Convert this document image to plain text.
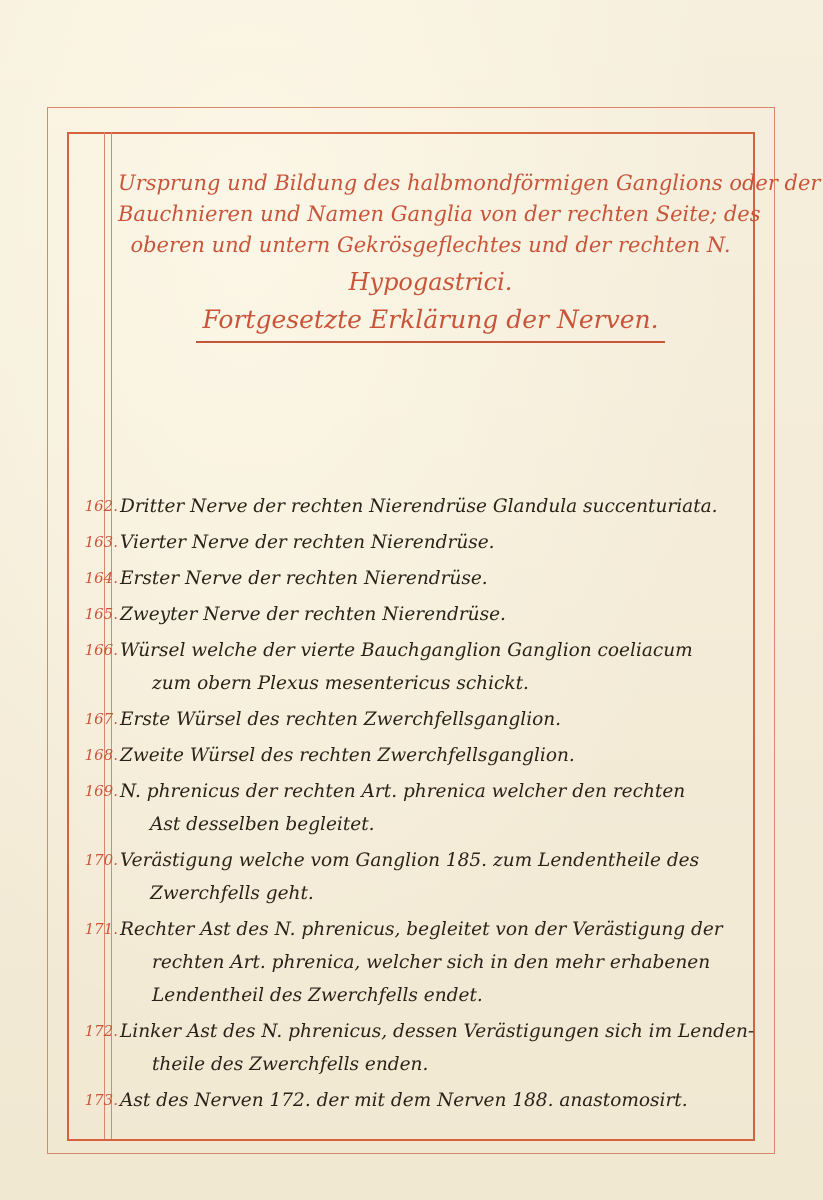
Ursprung und Bildung des halbmondförmigen Ganglions oder der
Bauchnieren und Namen Ganglia von der rechten Seite; des
oberen und untern Gekrösgeflechtes und der rechten N.
Hypogastrici.
Fortgesetzte Erklärung der Nerven.
162. Dritter Nerve der rechten Nierendrüse Glandula succenturiata.
163. Vierter Nerve der rechten Nierendrüse.
164. Erster Nerve der rechten Nierendrüse.
165. Zweyter Nerve der rechten Nierendrüse.
166. Würsel welche der vierte Bauchganglion Ganglion coeliacum
zum obern Plexus mesentericus schickt.
167. Erste Würsel des rechten Zwerchfellsganglion.
168. Zweite Würsel des rechten Zwerchfellsganglion.
169. N. phrenicus der rechten Art. phrenica welcher den rechten
Ast desselben begleitet.
170. Verästigung welche vom Ganglion 185. zum Lendentheile des
Zwerchfells geht.
171. Rechter Ast des N. phrenicus, begleitet von der Verästigung der
rechten Art. phrenica, welcher sich in den mehr erhabenen
Lendentheil des Zwerchfells endet.
172. Linker Ast des N. phrenicus, dessen Verästigungen sich im Lenden-
theile des Zwerchfells enden.
173. Ast des Nerven 172. der mit dem Nerven 188. anastomosirt.
